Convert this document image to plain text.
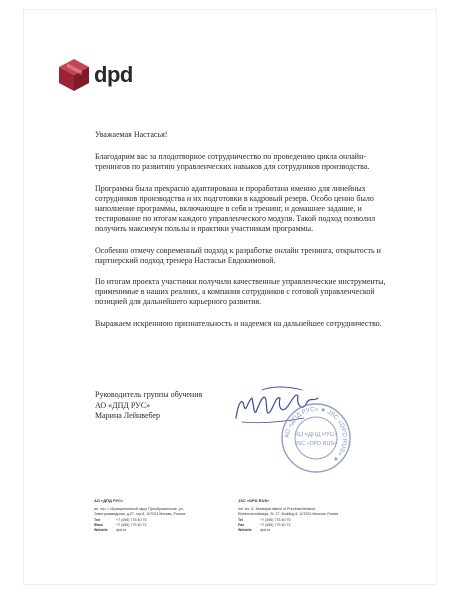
dpd

Уважаемая Настасья!

Благодарим вас за плодотворное сотрудничество по проведению цикла онлайн-тренингов по развитию управленческих навыков для сотрудников производства.

Программа была прекрасно адаптирована и проработана именно для линейных сотрудников производства и их подготовки в кадровый резерв. Особо ценно было наполнение программы, включающее в себя и тренинг, и домашнее задание, и тестирование по итогам каждого управленческого модуля. Такой подход позволил получить максимум пользы и практики участникам программы.

Особенно отмечу современный подход к разработке онлайн тренинга, открытость и партнерский подход тренера Настасьи Евдокимовой.

По итогам проекта участники получили качественные управленческие инструменты, применимые в наших реалиях, а компания сотрудников с готовой управленческой позицией для дальнейшего карьерного развития.

Выражаем искреннюю признательность и надеемся на дальнейшее сотрудничество.

Руководитель группы обучения
АО «ДПД РУС»
Марина Лейнвебер
АО «ДПД РУС» ★ JSC «DPD RUS» ★
АО «ДПД РУС»
JSC «DPD RUS»
АО «ДПД РУС»
вн. тер. г. Муниципальный округ Преображенское, ул.
Электрозаводская, д.27, стр.8, 107023 Москва, Россия
Тел	+7 (495) 775 40 75
Факс	+7 (495) 775 40 72
Website dpd.ru
JSC «DPD RUS»
Intl. ter. G. Municipal district of Preobrazhenskoe,
Elektrozavodskaya, St. 27, Building 8, 107023 Moscow, Russia
Tel	+7 (495) 775 40 75
Fax	+7 (495) 775 40 72
Website dpd.ru
